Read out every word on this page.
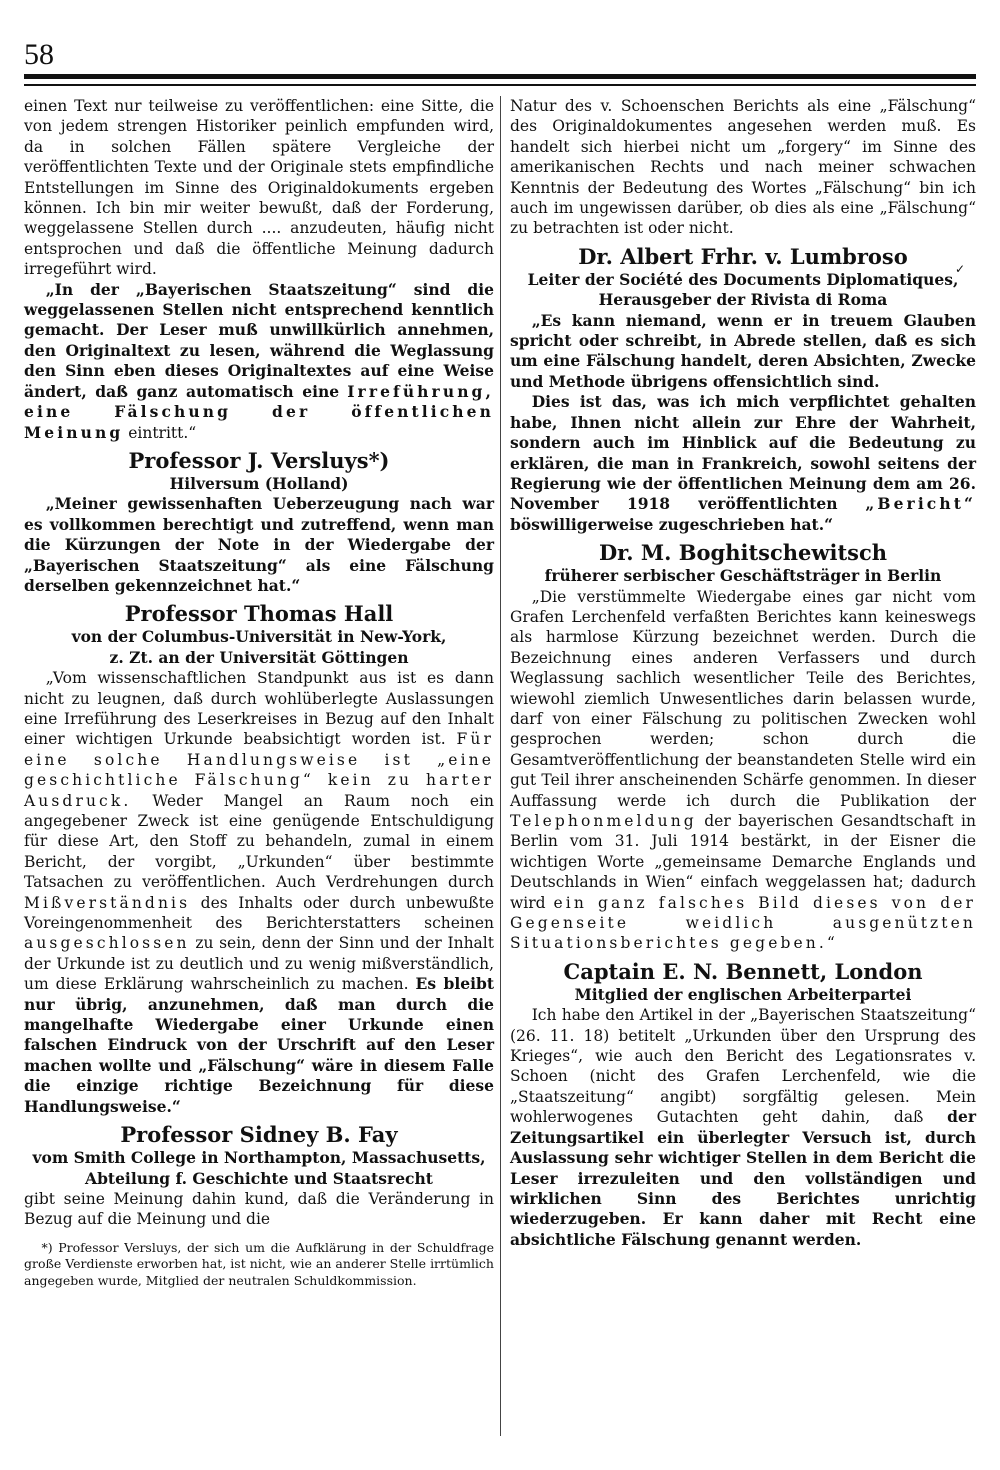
58
✓

einen Text nur teilweise zu veröffentlichen: eine Sitte, die von jedem strengen Historiker peinlich empfunden wird, da in solchen Fällen spätere Vergleiche der veröffentlichten Texte und der Originale stets empfindliche Entstellungen im Sinne des Originaldokuments ergeben können. Ich bin mir weiter bewußt, daß der Forderung, weggelassene Stellen durch .... anzudeuten, häufig nicht entsprochen und daß die öffentliche Meinung dadurch irregeführt wird.

„In der „Bayerischen Staatszeitung“ sind die weggelassenen Stellen nicht entsprechend kenntlich gemacht. Der Leser muß unwillkürlich annehmen, den Originaltext zu lesen, während die Weglassung den Sinn eben dieses Originaltextes auf eine Weise ändert, daß ganz automatisch eine Irreführung, eine Fälschung der öffentlichen Meinung eintritt.“

Professor J. Versluys*)
Hilversum (Holland)

„Meiner gewissenhaften Ueberzeugung nach war es vollkommen berechtigt und zutreffend, wenn man die Kürzungen der Note in der Wiedergabe der „Bayerischen Staatszeitung“ als eine Fälschung derselben gekennzeichnet hat.“

Professor Thomas Hall
von der Columbus-Universität in New-York,
z. Zt. an der Universität Göttingen

„Vom wissenschaftlichen Standpunkt aus ist es dann nicht zu leugnen, daß durch wohlüberlegte Auslassungen eine Irreführung des Leserkreises in Bezug auf den Inhalt einer wichtigen Urkunde beabsichtigt worden ist. Für eine solche Handlungsweise ist „eine geschichtliche Fälschung“ kein zu harter Ausdruck. Weder Mangel an Raum noch ein angegebener Zweck ist eine genügende Entschuldigung für diese Art, den Stoff zu behandeln, zumal in einem Bericht, der vorgibt, „Urkunden“ über bestimmte Tatsachen zu veröffentlichen. Auch Verdrehungen durch Mißverständnis des Inhalts oder durch unbewußte Voreingenommenheit des Berichterstatters scheinen ausgeschlossen zu sein, denn der Sinn und der Inhalt der Urkunde ist zu deutlich und zu wenig mißverständlich, um diese Erklärung wahrscheinlich zu machen. Es bleibt nur übrig, anzunehmen, daß man durch die mangelhafte Wiedergabe einer Urkunde einen falschen Eindruck von der Urschrift auf den Leser machen wollte und „Fälschung“ wäre in diesem Falle die einzige richtige Bezeichnung für diese Handlungsweise.“

Professor Sidney B. Fay
vom Smith College in Northampton, Massachusetts, Abteilung f. Geschichte und Staatsrecht

gibt seine Meinung dahin kund, daß die Veränderung in Bezug auf die Meinung und die

*) Professor Versluys, der sich um die Aufklärung in der Schuldfrage große Verdienste erworben hat, ist nicht, wie an anderer Stelle irrtümlich angegeben wurde, Mitglied der neutralen Schuldkommission.

Natur des v. Schoenschen Berichts als eine „Fälschung“ des Originaldokumentes angesehen werden muß. Es handelt sich hierbei nicht um „forgery“ im Sinne des amerikanischen Rechts und nach meiner schwachen Kenntnis der Bedeutung des Wortes „Fälschung“ bin ich auch im ungewissen darüber, ob dies als eine „Fälschung“ zu betrachten ist oder nicht.

Dr. Albert Frhr. v. Lumbroso
Leiter der Société des Documents Diplomatiques, Herausgeber der Rivista di Roma

„Es kann niemand, wenn er in treuem Glauben spricht oder schreibt, in Abrede stellen, daß es sich um eine Fälschung handelt, deren Absichten, Zwecke und Methode übrigens offensichtlich sind.

Dies ist das, was ich mich verpflichtet gehalten habe, Ihnen nicht allein zur Ehre der Wahrheit, sondern auch im Hinblick auf die Bedeutung zu erklären, die man in Frankreich, sowohl seitens der Regierung wie der öffentlichen Meinung dem am 26. November 1918 veröffentlichten „Bericht“ böswilligerweise zugeschrieben hat.“

Dr. M. Boghitschewitsch
früherer serbischer Geschäftsträger in Berlin

„Die verstümmelte Wiedergabe eines gar nicht vom Grafen Lerchenfeld verfaßten Berichtes kann keineswegs als harmlose Kürzung bezeichnet werden. Durch die Bezeichnung eines anderen Verfassers und durch Weglassung sachlich wesentlicher Teile des Berichtes, wiewohl ziemlich Unwesentliches darin belassen wurde, darf von einer Fälschung zu politischen Zwecken wohl gesprochen werden; schon durch die Gesamtveröffentlichung der beanstandeten Stelle wird ein gut Teil ihrer anscheinenden Schärfe genommen. In dieser Auffassung werde ich durch die Publikation der Telephonmeldung der bayerischen Gesandtschaft in Berlin vom 31. Juli 1914 bestärkt, in der Eisner die wichtigen Worte „gemeinsame Demarche Englands und Deutschlands in Wien“ einfach weggelassen hat; dadurch wird ein ganz falsches Bild dieses von der Gegenseite weidlich ausgenützten Situationsberichtes gegeben.“

Captain E. N. Bennett, London
Mitglied der englischen Arbeiterpartei

Ich habe den Artikel in der „Bayerischen Staatszeitung“ (26. 11. 18) betitelt „Urkunden über den Ursprung des Krieges“, wie auch den Bericht des Legationsrates v. Schoen (nicht des Grafen Lerchenfeld, wie die „Staatszeitung“ angibt) sorgfältig gelesen. Mein wohlerwogenes Gutachten geht dahin, daß der Zeitungsartikel ein überlegter Versuch ist, durch Auslassung sehr wichtiger Stellen in dem Bericht die Leser irrezuleiten und den vollständigen und wirklichen Sinn des Berichtes unrichtig wiederzugeben. Er kann daher mit Recht eine absichtliche Fälschung genannt werden.
